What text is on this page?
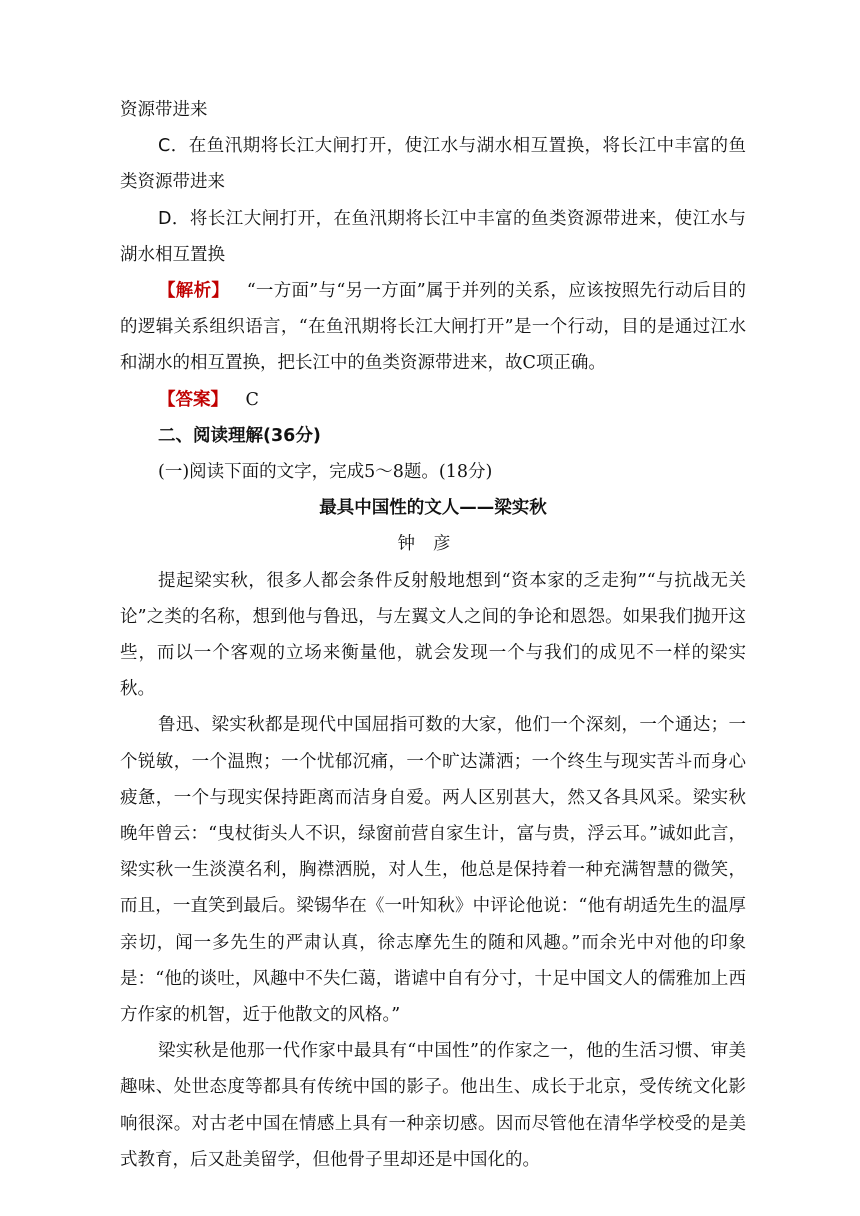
资源带进来

C．在鱼汛期将长江大闸打开，使江水与湖水相互置换，将长江中丰富的鱼类资源带进来

D．将长江大闸打开，在鱼汛期将长江中丰富的鱼类资源带进来，使江水与湖水相互置换

【解析】  “一方面”与“另一方面”属于并列的关系，应该按照先行动后目的的逻辑关系组织语言，“在鱼汛期将长江大闸打开”是一个行动，目的是通过江水和湖水的相互置换，把长江中的鱼类资源带进来，故C项正确。

【答案】  C

二、阅读理解(36分)

(一)阅读下面的文字，完成5～8题。(18分)

最具中国性的文人——梁实秋

钟彦

提起梁实秋，很多人都会条件反射般地想到“资本家的乏走狗”“与抗战无关论”之类的名称，想到他与鲁迅，与左翼文人之间的争论和恩怨。如果我们抛开这些，而以一个客观的立场来衡量他，就会发现一个与我们的成见不一样的梁实秋。

鲁迅、梁实秋都是现代中国屈指可数的大家，他们一个深刻，一个通达；一个锐敏，一个温煦；一个忧郁沉痛，一个旷达潇洒；一个终生与现实苦斗而身心疲惫，一个与现实保持距离而洁身自爱。两人区别甚大，然又各具风采。梁实秋晚年曾云：“曳杖街头人不识，绿窗前营自家生计，富与贵，浮云耳。”诚如此言，梁实秋一生淡漠名利，胸襟洒脱，对人生，他总是保持着一种充满智慧的微笑，而且，一直笑到最后。梁锡华在《一叶知秋》中评论他说：“他有胡适先生的温厚亲切，闻一多先生的严肃认真，徐志摩先生的随和风趣。”而余光中对他的印象是：“他的谈吐，风趣中不失仁蔼，谐谑中自有分寸，十足中国文人的儒雅加上西方作家的机智，近于他散文的风格。”

梁实秋是他那一代作家中最具有“中国性”的作家之一，他的生活习惯、审美趣味、处世态度等都具有传统中国的影子。他出生、成长于北京，受传统文化影响很深。对古老中国在情感上具有一种亲切感。因而尽管他在清华学校受的是美式教育，后又赴美留学，但他骨子里却还是中国化的。
